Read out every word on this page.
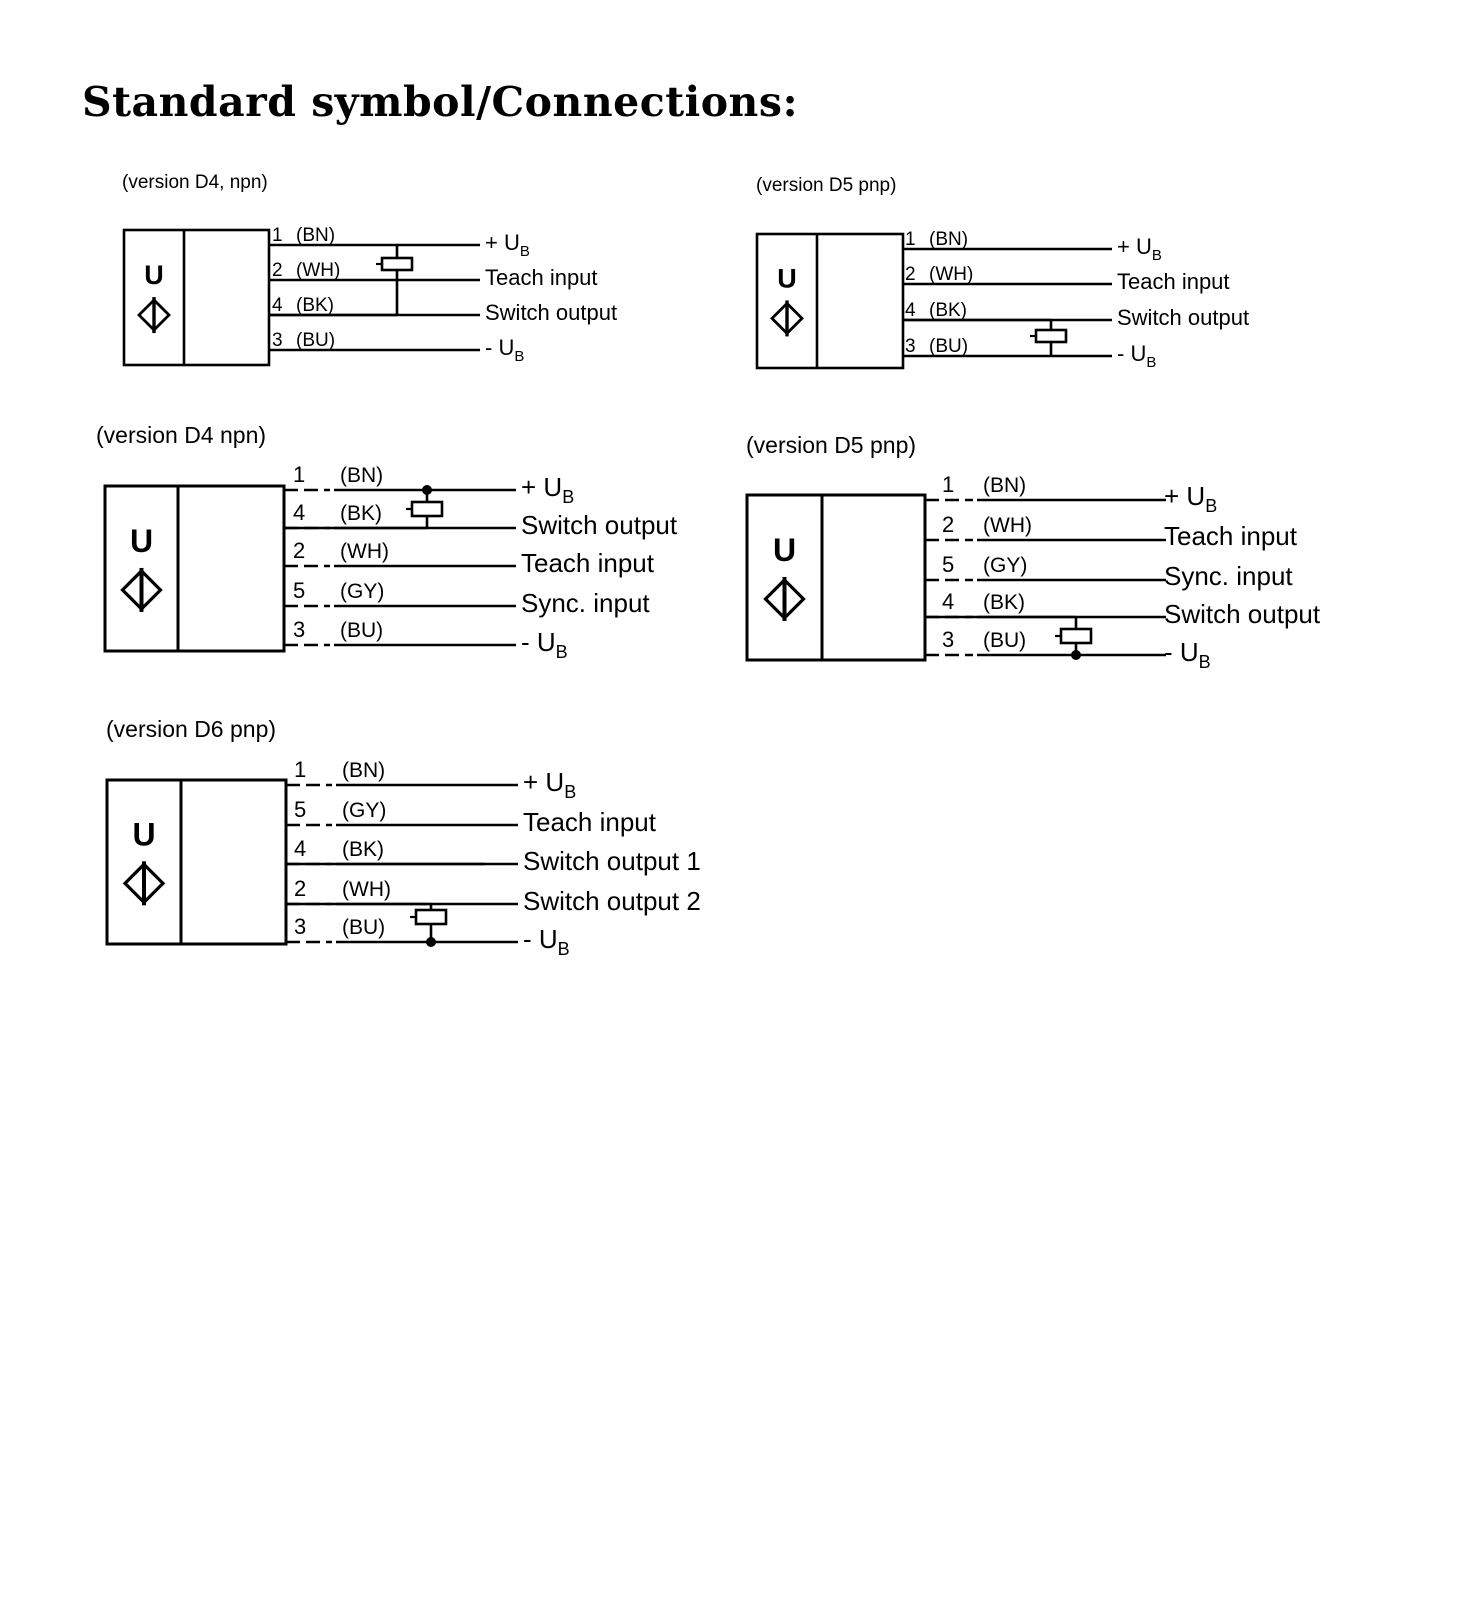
Standard symbol/Connections:
(version D4, npn)
U
1 (BN)	+ $U_B$
2 (WH)	Teach input
4 (BK)	Switch output
3 (BU)	- $U_B$
(version D5 pnp)
U
1 (BN)	+ $U_B$
2 (WH)	Teach input
4 (BK)	Switch output
3 (BU)	- $U_B$
(version D4 npn)
U
1 (BN)	+ $U_B$
4 (BK)	Switch output
2 (WH)	Teach input
5 (GY)	Sync. input
3 (BU)	- $U_B$
(version D5 pnp)
U
1 (BN)	+ $U_B$
2 (WH)	Teach input
5 (GY)	Sync. input
4 (BK)	Switch output
3 (BU)	- $U_B$
(version D6 pnp)
U
1 (BN)	+ $U_B$
5 (GY)	Teach input
4 (BK)	Switch output 1
2 (WH)	Switch output 2
3 (BU)	- $U_B$
